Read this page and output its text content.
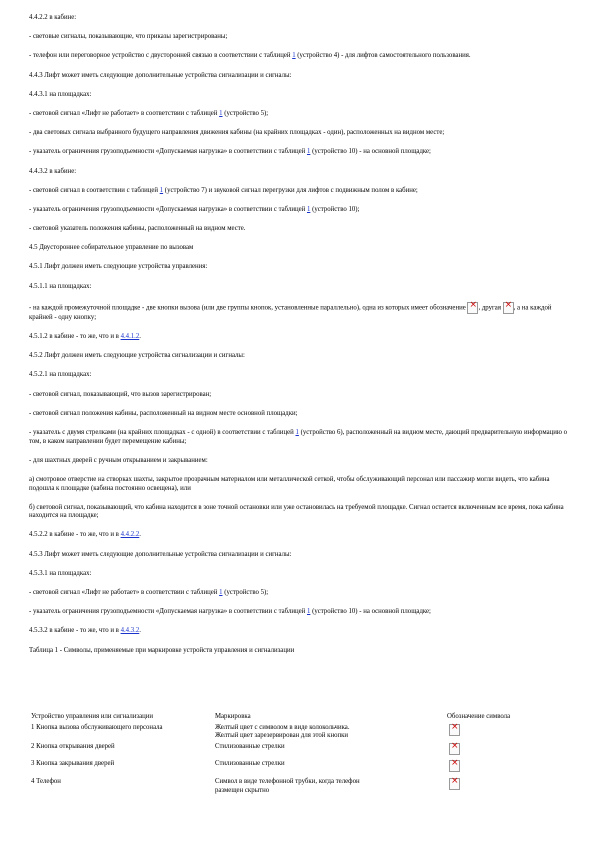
4.4.2.2 в кабине:

- световые сигналы, показывающие, что приказы зарегистрированы;

- телефон или переговорное устройство с двусторонней связью в соответствии с таблицей 1 (устройство 4) - для лифтов самостоятельного пользования.

4.4.3 Лифт может иметь следующие дополнительные устройства сигнализации и сигналы:

4.4.3.1 на площадках:

- световой сигнал «Лифт не работает» в соответствии с таблицей 1 (устройство 5);

- два световых сигнала выбранного будущего направления движения кабины (на крайних площадках - один), расположенных на видном месте;

- указатель ограничения грузоподъемности «Допускаемая нагрузка» в соответствии с таблицей 1 (устройство 10) - на основной площадке;

4.4.3.2 в кабине:

- световой сигнал в соответствии с таблицей 1 (устройство 7) и звуковой сигнал перегрузки для лифтов с подвижным полом в кабине;

- указатель ограничения грузоподъемности «Допускаемая нагрузка» в соответствии с таблицей 1 (устройство 10);

- световой указатель положения кабины, расположенный на видном месте.

4.5 Двустороннее собирательное управление по вызовам

4.5.1 Лифт должен иметь следующие устройства управления:

4.5.1.1 на площадках:

- на каждой промежуточной площадке - две кнопки вызова (или две группы кнопок, установленные параллельно), одна из которых имеет обозначение × , другая × , а на каждой крайней - одну кнопку;

4.5.1.2 в кабине - то же, что и в 4.4.1.2.

4.5.2 Лифт должен иметь следующие устройства сигнализации и сигналы:

4.5.2.1 на площадках:

- световой сигнал, показывающий, что вызов зарегистрирован;

- световой сигнал положения кабины, расположенный на видном месте основной площадки;

- указатель с двумя стрелками (на крайних площадках - с одной) в соответствии с таблицей 1 (устройство 6), расположенный на видном месте, дающий предварительную информацию о том, в каком направлении будет перемещение кабины;

- для шахтных дверей с ручным открыванием и закрыванием:

а) смотровое отверстие на створках шахты, закрытое прозрачным материалом или металлической сеткой, чтобы обслуживающий персонал или пассажир могли видеть, что кабина подошла к площадке (кабина постоянно освещена), или

б) световой сигнал, показывающий, что кабина находится в зоне точной остановки или уже остановилась на требуемой площадке. Сигнал остается включенным все время, пока кабина находится на площадке;

4.5.2.2 в кабине - то же, что и в 4.4.2.2.

4.5.3 Лифт может иметь следующие дополнительные устройства сигнализации и сигналы:

4.5.3.1 на площадках:

- световой сигнал «Лифт не работает» в соответствии с таблицей 1 (устройство 5);

- указатель ограничения грузоподъемности «Допускаемая нагрузка» в соответствии с таблицей 1 (устройство 10) - на основной площадке;

4.5.3.2 в кабине - то же, что и в 4.4.3.2.

Таблица 1 - Символы, применяемые при маркировке устройств управления и сигнализации

Устройство управления или сигнализации	Маркировка	Обозначение символа
1 Кнопка вызова обслуживающего персонала	Желтый цвет с символом в виде колокольчика.
Желтый цвет зарезервирован для этой кнопки	×
2 Кнопка открывания дверей	Стилизованные стрелки	×
3 Кнопка закрывания дверей	Стилизованные стрелки	×
4 Телефон	Символ в виде телефонной трубки, когда телефон
размещен скрытно	×
